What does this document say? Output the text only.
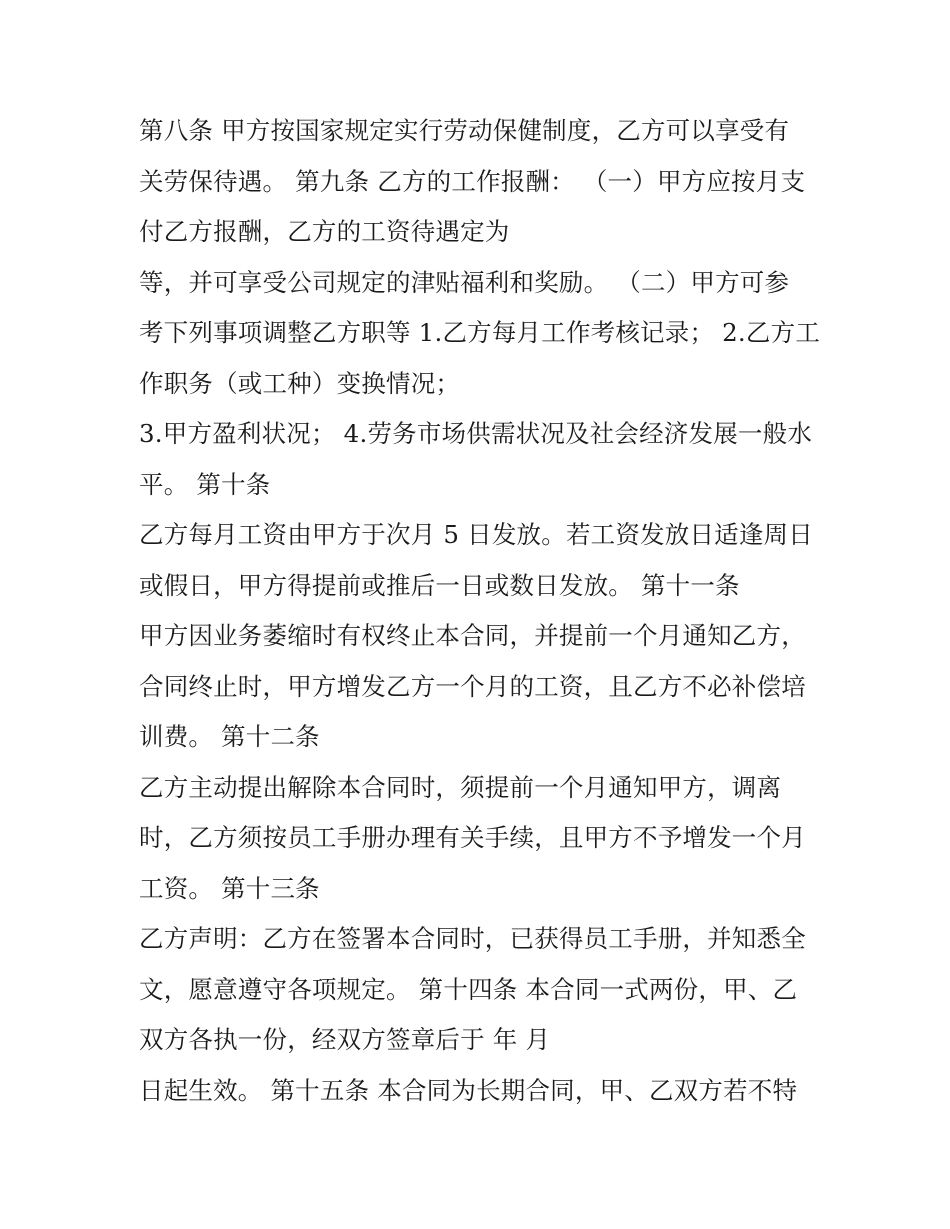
第八条 甲方按国家规定实行劳动保健制度，乙方可以享受有
关劳保待遇。 第九条 乙方的工作报酬： （一）甲方应按月支
付乙方报酬，乙方的工资待遇定为
等，并可享受公司规定的津贴福利和奖励。 （二）甲方可参
考下列事项调整乙方职等 1.乙方每月工作考核记录； 2.乙方工
作职务（或工种）变换情况；
3.甲方盈利状况； 4.劳务市场供需状况及社会经济发展一般水
平。 第十条
乙方每月工资由甲方于次月 5 日发放。若工资发放日适逢周日
或假日，甲方得提前或推后一日或数日发放。 第十一条
甲方因业务萎缩时有权终止本合同，并提前一个月通知乙方，
合同终止时，甲方增发乙方一个月的工资，且乙方不必补偿培
训费。 第十二条
乙方主动提出解除本合同时，须提前一个月通知甲方，调离
时，乙方须按员工手册办理有关手续，且甲方不予增发一个月
工资。 第十三条
乙方声明：乙方在签署本合同时，已获得员工手册，并知悉全
文，愿意遵守各项规定。 第十四条 本合同一式两份，甲、乙
双方各执一份，经双方签章后于 年 月
日起生效。 第十五条 本合同为长期合同，甲、乙双方若不特
